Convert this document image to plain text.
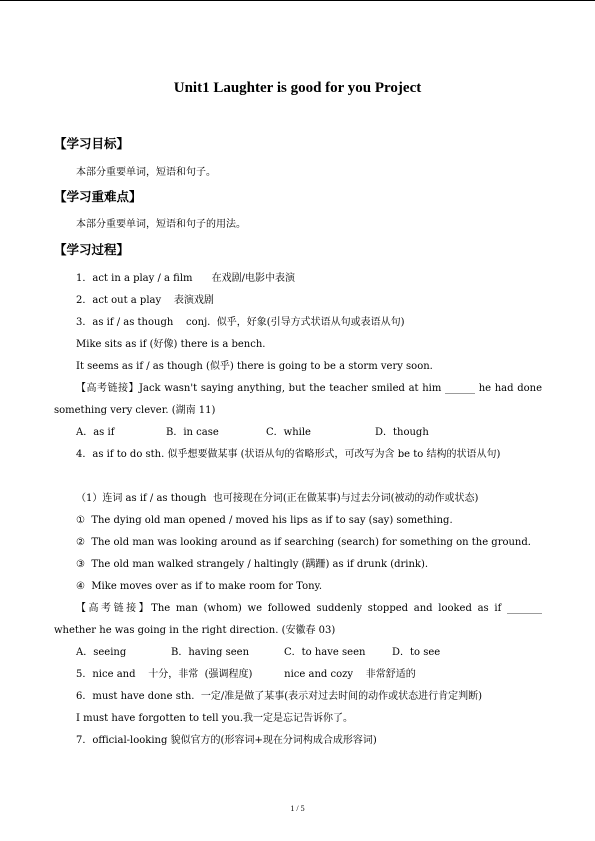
Unit1 Laughter is good for you Project
【学习目标】
本部分重要单词，短语和句子。
【学习重难点】
本部分重要单词，短语和句子的用法。
【学习过程】
1．act in a play / a film      在戏剧/电影中表演
2．act out a play    表演戏剧
3．as if / as though    conj.  似乎，好象(引导方式状语从句或表语从句)
Mike sits as if (好像) there is a bench.
It seems as if / as though (似乎) there is going to be a storm very soon.
【高考链接】Jack wasn't saying anything, but the teacher smiled at him ______ he had done something very clever. (湖南 11)
A．as if	B．in case	C．while	D．though
4．as if to do sth. 似乎想要做某事 (状语从句的省略形式，可改写为含 be to 结构的状语从句)
（1）连词 as if / as though  也可接现在分词(正在做某事)与过去分词(被动的动作或状态)
①  The dying old man opened / moved his lips as if to say (say) something.
②  The old man was looking around as if searching (search) for something on the ground．
③  The old man walked strangely / haltingly (蹒跚) as if drunk (drink).
④  Mike moves over as if to make room for Tony.
【高考链接】The man (whom) we followed suddenly stopped and looked as if _______ whether he was going in the right direction. (安徽春 03)
A．seeing	B．having seen	C．to have seen	D．to see
5．nice and    十分，非常  (强调程度)          nice and cozy    非常舒适的
6．must have done sth.  一定/准是做了某事(表示对过去时间的动作或状态进行肯定判断)
I must have forgotten to tell you.我一定是忘记告诉你了。
7．official-looking 貌似官方的(形容词+现在分词构成合成形容词)
1 / 5
